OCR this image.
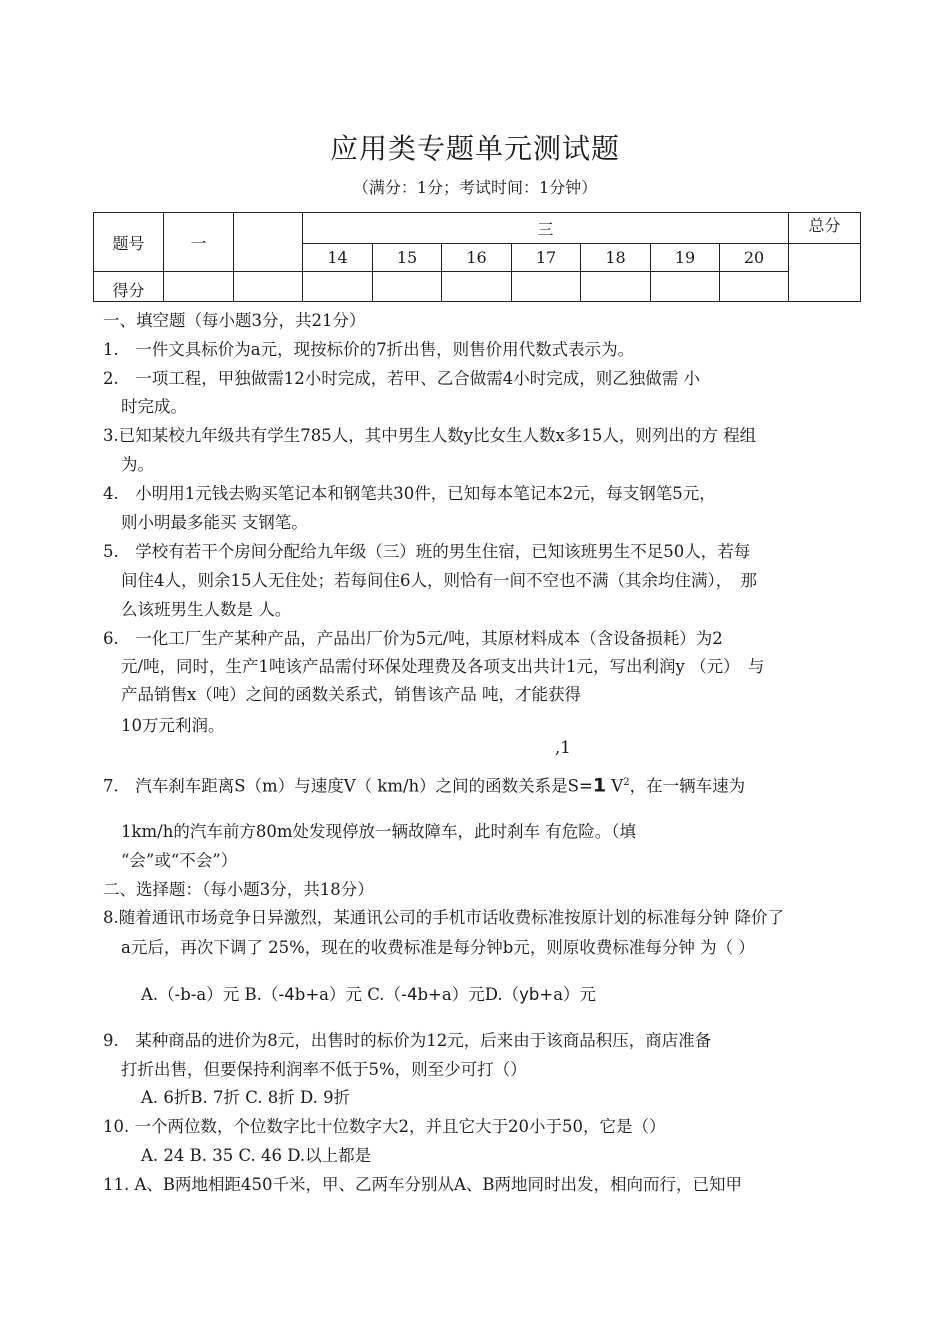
应用类专题单元测试题
（满分：1分；考试时间：1分钟）
题号	一		三							总分
			14	15	16	17	18	19	20	
得分										
一、填空题（每小题3分，共21分）
1.　一件文具标价为a元，现按标价的7折出售，则售价用代数式表示为。
2.　一项工程，甲独做需12小时完成，若甲、乙合做需4小时完成，则乙独做需 小
时完成。
3.已知某校九年级共有学生785人，其中男生人数y比女生人数x多15人，则列出的方 程组
为。
4.　小明用1元钱去购买笔记本和钢笔共30件，已知每本笔记本2元，每支钢笔5元，
则小明最多能买 支钢笔。
5.　学校有若干个房间分配给九年级（三）班的男生住宿，已知该班男生不足50人，若每
间住4人，则余15人无住处；若每间住6人，则恰有一间不空也不满（其余均住满），　那
么该班男生人数是 人。
6.　一化工厂生产某种产品，产品出厂价为5元/吨，其原材料成本（含设备损耗）为2
元/吨，同时，生产1吨该产品需付环保处理费及各项支出共计1元，写出利润y （元）　与
产品销售x（吨）之间的函数关系式，销售该产品 吨，才能获得
10万元利润。
,1
7.　汽车刹车距离S（m）与速度V（ km/h）之间的函数关系是S=1 $V^2$，在一辆车速为
1km/h的汽车前方80m处发现停放一辆故障车，此时刹车 有危险。（填
“会”或“不会”）
二、选择题：（每小题3分，共18分）
8.随着通讯市场竞争日异激烈，某通讯公司的手机市话收费标准按原计划的标准每分钟 降价了
a元后，再次下调了 25%，现在的收费标准是每分钟b元，则原收费标准每分钟 为（ ）
A.（-b-a）元 B.（-4b+a）元 C.（-4b+a）元D.（yb+a）元
9.　某种商品的进价为8元，出售时的标价为12元，后来由于该商品积压，商店准备
打折出售，但要保持利润率不低于5%，则至少可打（）
A. 6折B. 7折 C. 8折 D. 9折
10. 一个两位数，个位数字比十位数字大2，并且它大于20小于50，它是（）
A. 24 B. 35 C. 46 D.以上都是
11. A、B两地相距450千米，甲、乙两车分别从A、B两地同时出发，相向而行，已知甲
